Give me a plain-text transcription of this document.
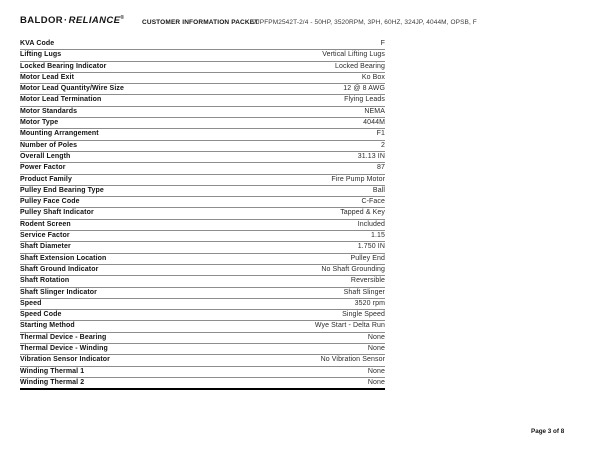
BALDOR·RELIANCE®
CUSTOMER INFORMATION PACKET
VJPFPM2542T-2/4 - 50HP, 3520RPM, 3PH, 60HZ, 324JP, 4044M, OPSB, F
KVA Code	F
Lifting Lugs	Vertical Lifting Lugs
Locked Bearing Indicator	Locked Bearing
Motor Lead Exit	Ko Box
Motor Lead Quantity/Wire Size	12 @ 8 AWG
Motor Lead Termination	Flying Leads
Motor Standards	NEMA
Motor Type	4044M
Mounting Arrangement	F1
Number of Poles	2
Overall Length	31.13 IN
Power Factor	87
Product Family	Fire Pump Motor
Pulley End Bearing Type	Ball
Pulley Face Code	C-Face
Pulley Shaft Indicator	Tapped & Key
Rodent Screen	Included
Service Factor	1.15
Shaft Diameter	1.750 IN
Shaft Extension Location	Pulley End
Shaft Ground Indicator	No Shaft Grounding
Shaft Rotation	Reversible
Shaft Slinger Indicator	Shaft Slinger
Speed	3520 rpm
Speed Code	Single Speed
Starting Method	Wye Start - Delta Run
Thermal Device - Bearing	None
Thermal Device - Winding	None
Vibration Sensor Indicator	No Vibration Sensor
Winding Thermal 1	None
Winding Thermal 2	None
Page 3 of 8
